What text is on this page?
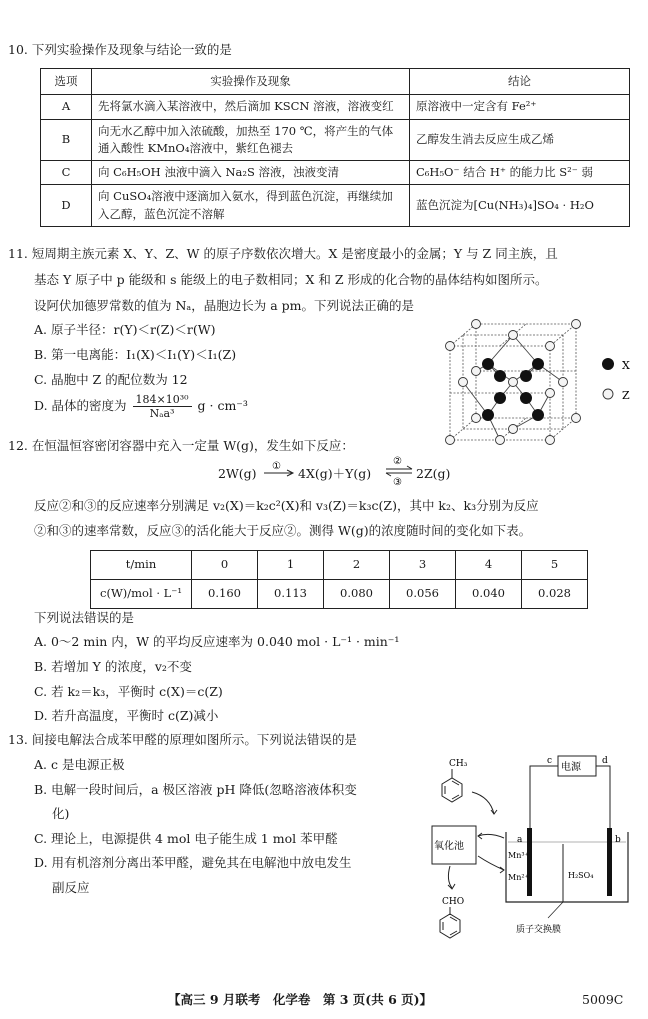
10. 下列实验操作及现象与结论一致的是
选项	实验操作及现象	结论
A	先将氯水滴入某溶液中，然后滴加 KSCN 溶液，溶液变红	原溶液中一定含有 Fe²⁺
B	向无水乙醇中加入浓硫酸，加热至 170 ℃，将产生的气体通入酸性 KMnO₄溶液中，紫红色褪去	乙醇发生消去反应生成乙烯
C	向 C₆H₅OH 浊液中滴入 Na₂S 溶液，浊液变清	C₆H₅O⁻ 结合 H⁺ 的能力比 S²⁻ 弱
D	向 CuSO₄溶液中逐滴加入氨水，得到蓝色沉淀，再继续加入乙醇，蓝色沉淀不溶解	蓝色沉淀为[Cu(NH₃)₄]SO₄ · H₂O
11. 短周期主族元素 X、Y、Z、W 的原子序数依次增大。X 是密度最小的金属；Y 与 Z 同主族，且
基态 Y 原子中 p 能级和 s 能级上的电子数相同；X 和 Z 形成的化合物的晶体结构如图所示。
设阿伏加德罗常数的值为 Nₐ，晶胞边长为 a pm。下列说法正确的是
A. 原子半径：r(Y)＜r(Z)＜r(W)
B. 第一电离能：I₁(X)＜I₁(Y)＜I₁(Z)
C. 晶胞中 Z 的配位数为 12
D. 晶体的密度为 $\frac{\text{184×10³⁰}}{\text{Nₐa³}}$ g · cm⁻³
X
Z
12. 在恒温恒容密闭容器中充入一定量 W(g)，发生如下反应：
2W(g) ① 4X(g)＋Y(g)
②
③
2Z(g)
反应②和③的反应速率分别满足 v₂(X)＝k₂c²(X)和 v₃(Z)＝k₃c(Z)，其中 k₂、k₃分别为反应
②和③的速率常数，反应③的活化能大于反应②。测得 W(g)的浓度随时间的变化如下表。
t/min	0	1	2	3	4	5
c(W)/mol · L⁻¹	0.160	0.113	0.080	0.056	0.040	0.028
下列说法错误的是
A. 0～2 min 内，W 的平均反应速率为 0.040 mol · L⁻¹ · min⁻¹
B. 若增加 Y 的浓度，v₂不变
C. 若 k₂＝k₃，平衡时 c(X)＝c(Z)
D. 若升高温度，平衡时 c(Z)减小
13. 间接电解法合成苯甲醛的原理如图所示。下列说法错误的是
A. c 是电源正极
B. 电解一段时间后，a 极区溶液 pH 降低(忽略溶液体积变
化)
C. 理论上，电源提供 4 mol 电子能生成 1 mol 苯甲醛
D. 用有机溶剂分离出苯甲醛，避免其在电解池中放电发生
副反应
CH₃
氧化池
CHO
电源
c	d
a	b
质子交换膜
Mn³⁺
Mn²⁺	H₂SO₄
【高三 9 月联考　化学卷　第 3 页(共 6 页)】	5009C
